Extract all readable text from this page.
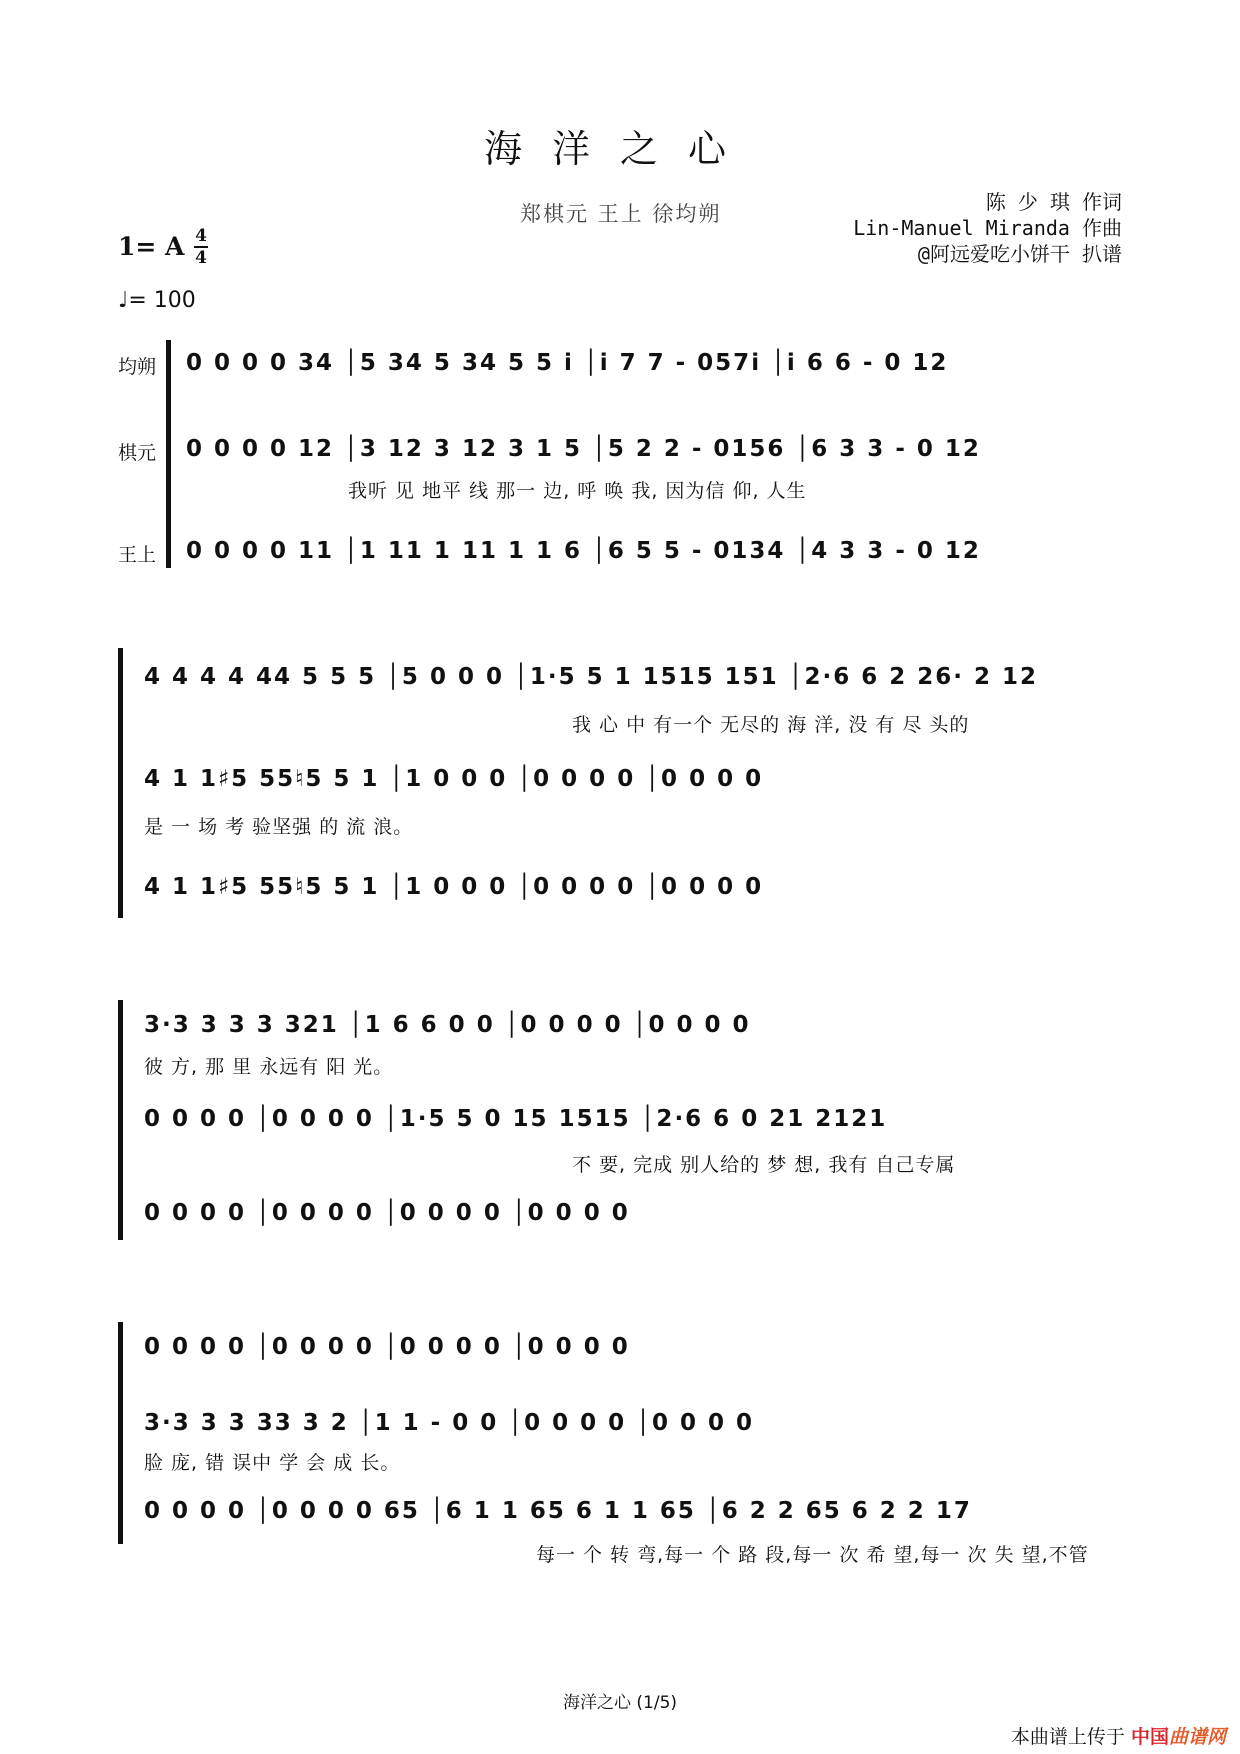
海洋之心
郑棋元 王上 徐均朔	陈 少 琪 作词
Lin-Manuel Miranda 作曲
@阿远爱吃小饼干 扒谱
1= A 4
4
♩= 100
均朔
棋元
王上
0 0 0 0 34 │5 34 5 34 5 5 i │i 7 7 - 057i │i 6 6 - 0 12
0 0 0 0 12 │3 12 3 12 3 1 5 │5 2 2 - 0156 │6 3 3 - 0 12
我听 见 地平 线 那一 边, 呼 唤 我, 因为信 仰, 人生
0 0 0 0 11 │1 11 1 11 1 1 6 │6 5 5 - 0134 │4 3 3 - 0 12
4 4 4 4 44 5 5 5 │5 0 0 0 │1·5 5 1 1515 151 │2·6 6 2 26· 2 12
我 心 中 有一个 无尽的 海 洋, 没 有 尽 头的
4 1 1♯5 55♮5 5 1 │1 0 0 0 │0 0 0 0 │0 0 0 0
是 一 场 考 验坚强 的 流 浪。
4 1 1♯5 55♮5 5 1 │1 0 0 0 │0 0 0 0 │0 0 0 0
3·3 3 3 3 321 │1 6 6 0 0 │0 0 0 0 │0 0 0 0
彼 方, 那 里 永远有 阳 光。
0 0 0 0 │0 0 0 0 │1·5 5 0 15 1515 │2·6 6 0 21 2121
不 要, 完成 别人给的 梦 想, 我有 自己专属
0 0 0 0 │0 0 0 0 │0 0 0 0 │0 0 0 0
0 0 0 0 │0 0 0 0 │0 0 0 0 │0 0 0 0
3·3 3 3 33 3 2 │1 1 - 0 0 │0 0 0 0 │0 0 0 0
脸 庞, 错 误中 学 会 成 长。
0 0 0 0 │0 0 0 0 65 │6 1 1 65 6 1 1 65 │6 2 2 65 6 2 2 17
每一 个 转 弯,每一 个 路 段,每一 次 希 望,每一 次 失 望,不管
海洋之心 (1/5)
本曲谱上传于 中国曲谱网
